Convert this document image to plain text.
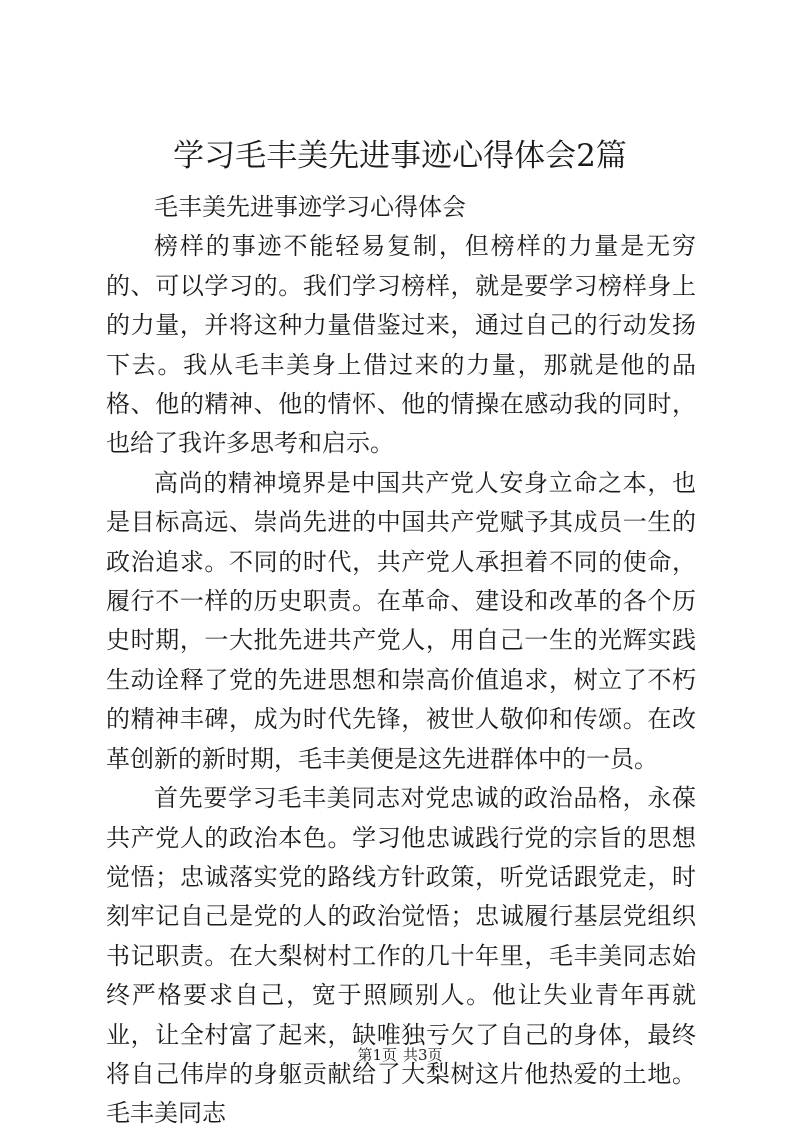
学习毛丰美先进事迹心得体会2篇

毛丰美先进事迹学习心得体会

榜样的事迹不能轻易复制，但榜样的力量是无穷的、可以学习的。我们学习榜样，就是要学习榜样身上的力量，并将这种力量借鉴过来，通过自己的行动发扬下去。我从毛丰美身上借过来的力量，那就是他的品格、他的精神、他的情怀、他的情操在感动我的同时，也给了我许多思考和启示。

高尚的精神境界是中国共产党人安身立命之本，也是目标高远、崇尚先进的中国共产党赋予其成员一生的政治追求。不同的时代，共产党人承担着不同的使命，履行不一样的历史职责。在革命、建设和改革的各个历史时期，一大批先进共产党人，用自己一生的光辉实践生动诠释了党的先进思想和崇高价值追求，树立了不朽的精神丰碑，成为时代先锋，被世人敬仰和传颂。在改革创新的新时期，毛丰美便是这先进群体中的一员。

首先要学习毛丰美同志对党忠诚的政治品格，永葆共产党人的政治本色。学习他忠诚践行党的宗旨的思想觉悟；忠诚落实党的路线方针政策，听党话跟党走，时刻牢记自己是党的人的政治觉悟；忠诚履行基层党组织书记职责。在大梨树村工作的几十年里，毛丰美同志始终严格要求自己，宽于照顾别人。他让失业青年再就业，让全村富了起来，缺唯独亏欠了自己的身体，最终将自己伟岸的身躯贡献给了大梨树这片他热爱的土地。毛丰美同志

第1页 共3页
